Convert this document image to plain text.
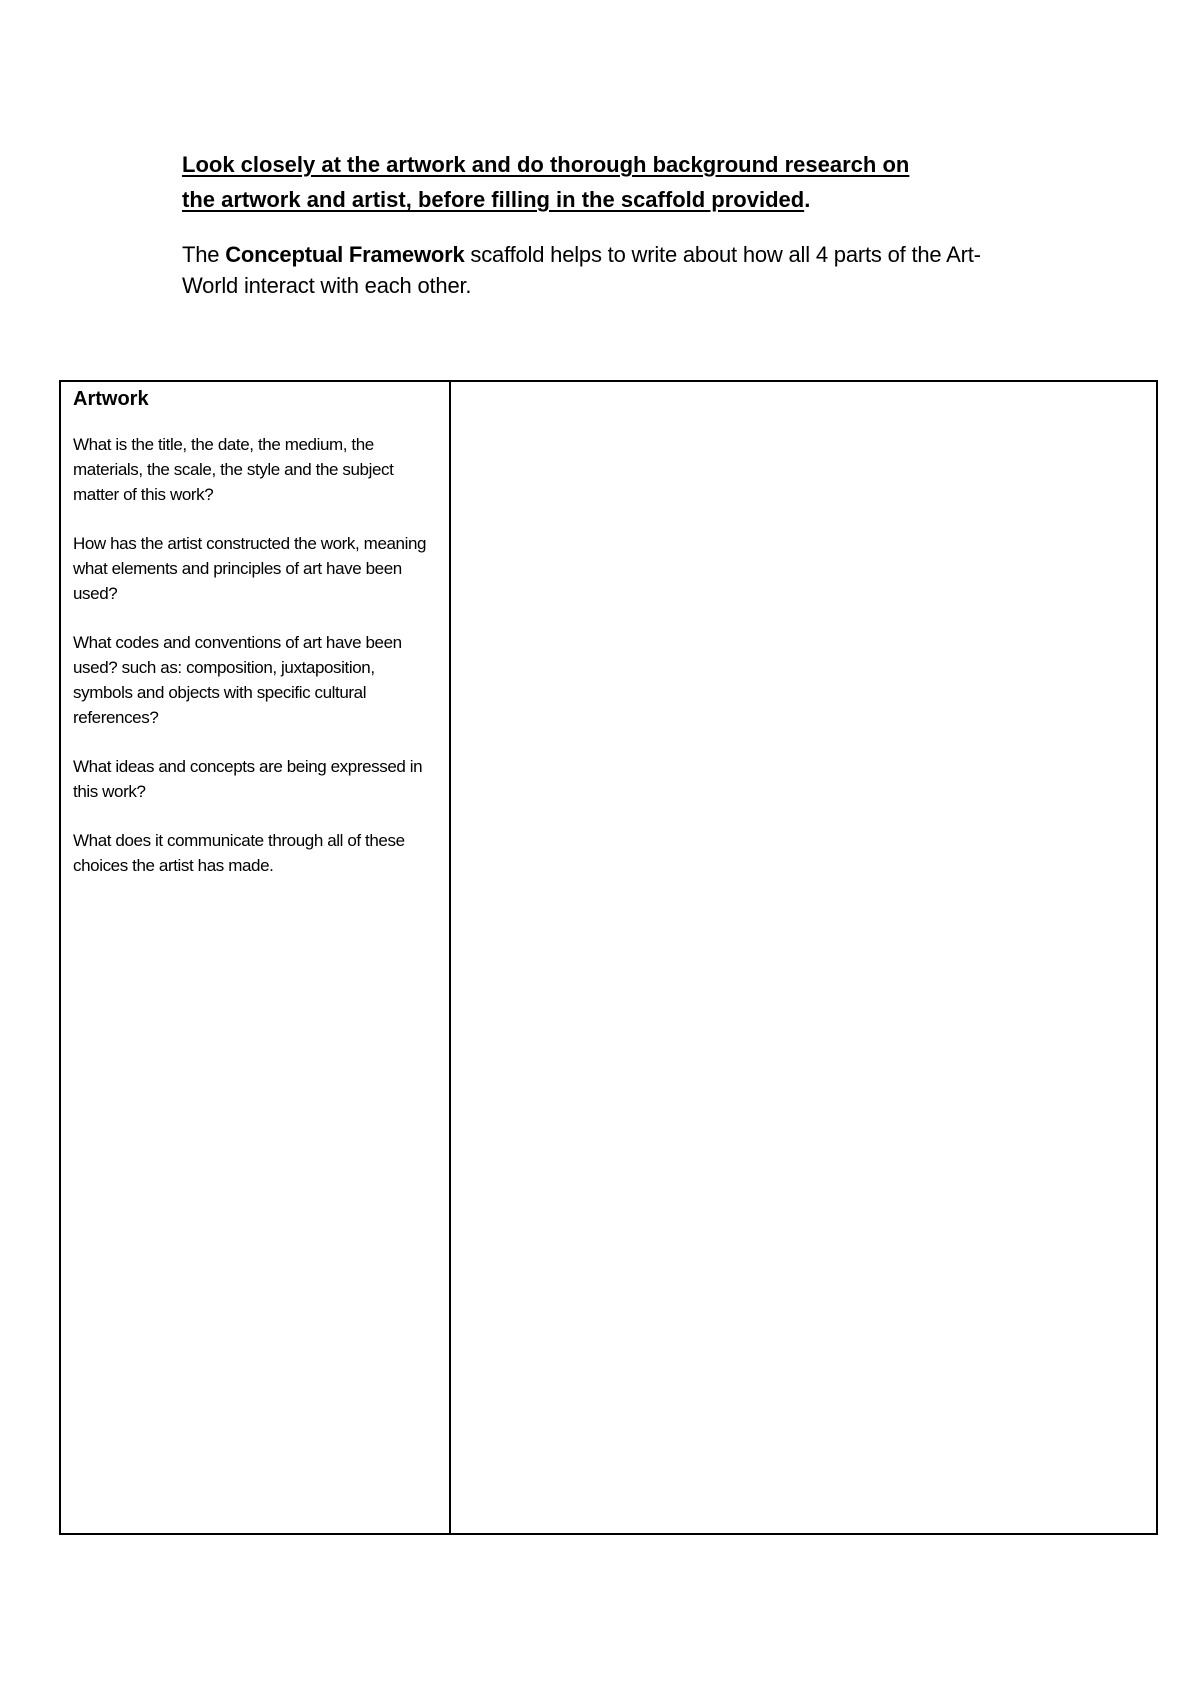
Look closely at the artwork and do thorough background research on
the artwork and artist, before filling in the scaffold provided.
The Conceptual Framework scaffold helps to write about how all 4 parts of the Art-World interact with each other.
Artwork

What is the title, the date, the medium, the materials, the scale, the style and the subject matter of this work?

How has the artist constructed the work, meaning what elements and principles of art have been used?

What codes and conventions of art have been used? such as: composition, juxtaposition, symbols and objects with specific cultural references?

What ideas and concepts are being expressed in this work?

What does it communicate through all of these choices the artist has made.
